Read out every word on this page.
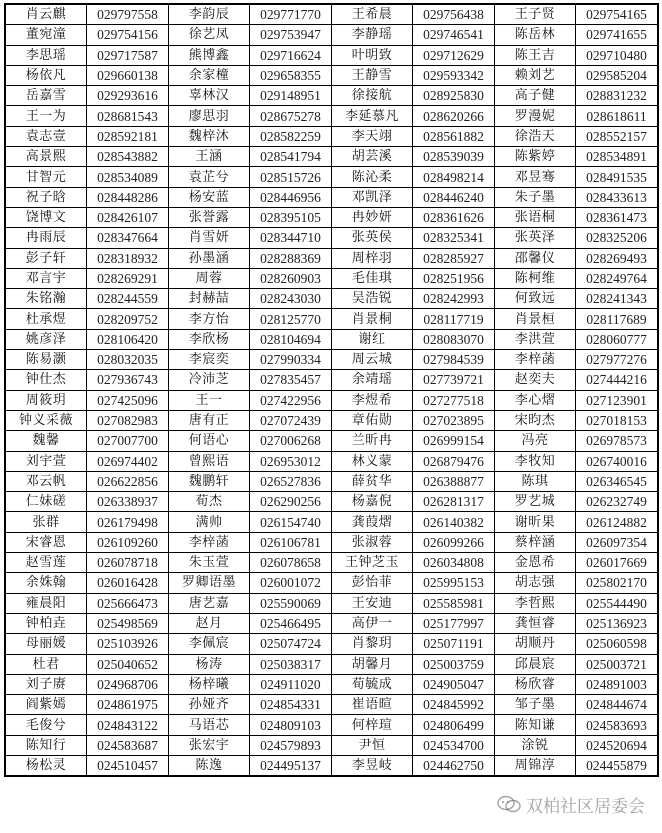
肖云麒	029797558	李韵辰	029771770	王希晨	029756438	王子贤	029754165
董宛潼	029754156	徐艺凤	029753947	李静瑶	029746541	陈岳林	029741655
李思瑶	029717587	熊博鑫	029716624	叶明致	029712629	陈王吉	029710480
杨依凡	029660138	余家橦	029658355	王静雪	029593342	赖刘艺	029585204
岳嘉雪	029293616	辜林汉	029148951	徐接航	028925830	高子健	028831232
王一为	028681543	廖思羽	028675278	李延慕凡	028620266	罗漫妮	028618611
袁志壹	028592181	魏梓沐	028582259	李天翊	028561882	徐浩天	028552157
高景熙	028543882	王涵	028541794	胡芸溪	028539039	陈紫婷	028534891
甘智元	028534089	袁芷兮	028515726	陈沁柔	028498214	邓昱骞	028491535
祝子晗	028448286	杨安蓝	028446956	邓凯泽	028446240	朱子墨	028433613
饶博文	028426107	张誉露	028395105	冉妙妍	028361626	张语桐	028361473
冉雨辰	028347664	肖雪妍	028344710	张英侯	028325341	张英泽	028325206
彭子轩	028318932	孙墨涵	028288369	周梓羽	028285927	邵馨仪	028269493
邓言宇	028269291	周蓉	028260903	毛佳琪	028251956	陈柯维	028249764
朱铭瀚	028244559	封赫喆	028243030	吴浩锐	028242993	何致远	028241343
杜承煜	028209752	李方怡	028125770	肖景桐	028117719	肖景桓	028117689
姚彦泽	028106420	李欣杨	028104694	谢红	028083070	李洪萱	028060777
陈易灏	028032035	李宸奕	027990334	周云城	027984539	李梓菡	027977276
钟仕杰	027936743	冷沛芝	027835457	余靖瑶	027739721	赵奕夫	027444216
周筱玥	027425096	王一	027422956	李煜希	027277518	李心熠	027123901
钟义采薇	027082983	唐有正	027072439	章佑勋	027023895	宋昀杰	027018153
魏馨	027007700	何语心	027006268	兰昕冉	026999154	冯亮	026978573
刘宇萱	026974402	曾熙语	026953012	林义蒙	026879476	李牧知	026740016
邓云帆	026622856	魏鹏轩	026527836	薛贫华	026388877	陈琪	026346545
仁妹磋	026338937	荀杰	026290256	杨嘉倪	026281317	罗艺城	026232749
张群	026179498	满帅	026154740	龚葭熠	026140382	谢昕果	026124882
宋睿恩	026109260	李梓菡	026106781	张淑蓉	026099266	蔡梓涵	026097354
赵雪莲	026078718	朱玉萱	026078658	王钟芝玉	026034808	金恩希	026017669
余姝翰	026016428	罗卿语墨	026001072	彭怡菲	025995153	胡志强	025802170
雍晨阳	025666473	唐艺嘉	025590069	王安迪	025585981	李哲熙	025544490
钟柏垚	025498569	赵月	025466495	高伊一	025177997	龚恒睿	025136923
母丽媛	025103926	李佩宸	025074724	肖黎玥	025071191	胡顺丹	025060598
杜君	025040652	杨涛	025038317	胡馨月	025003759	邱晨宸	025003721
刘子赓	024968706	杨梓曦	024911020	荀毓成	024905047	杨欣睿	024891003
阎紫嫣	024861975	孙娅齐	024854331	崔语暄	024845992	邹子墨	024844674
毛俊兮	024843122	马语芯	024809103	何梓瑄	024806499	陈知谦	024583693
陈知行	024583687	张宏宇	024579893	尹恒	024534700	涂锐	024520694
杨松灵	024510457	陈逸	024495137	李昱岐	024462750	周锦淳	024455879
双柏社区居委会
